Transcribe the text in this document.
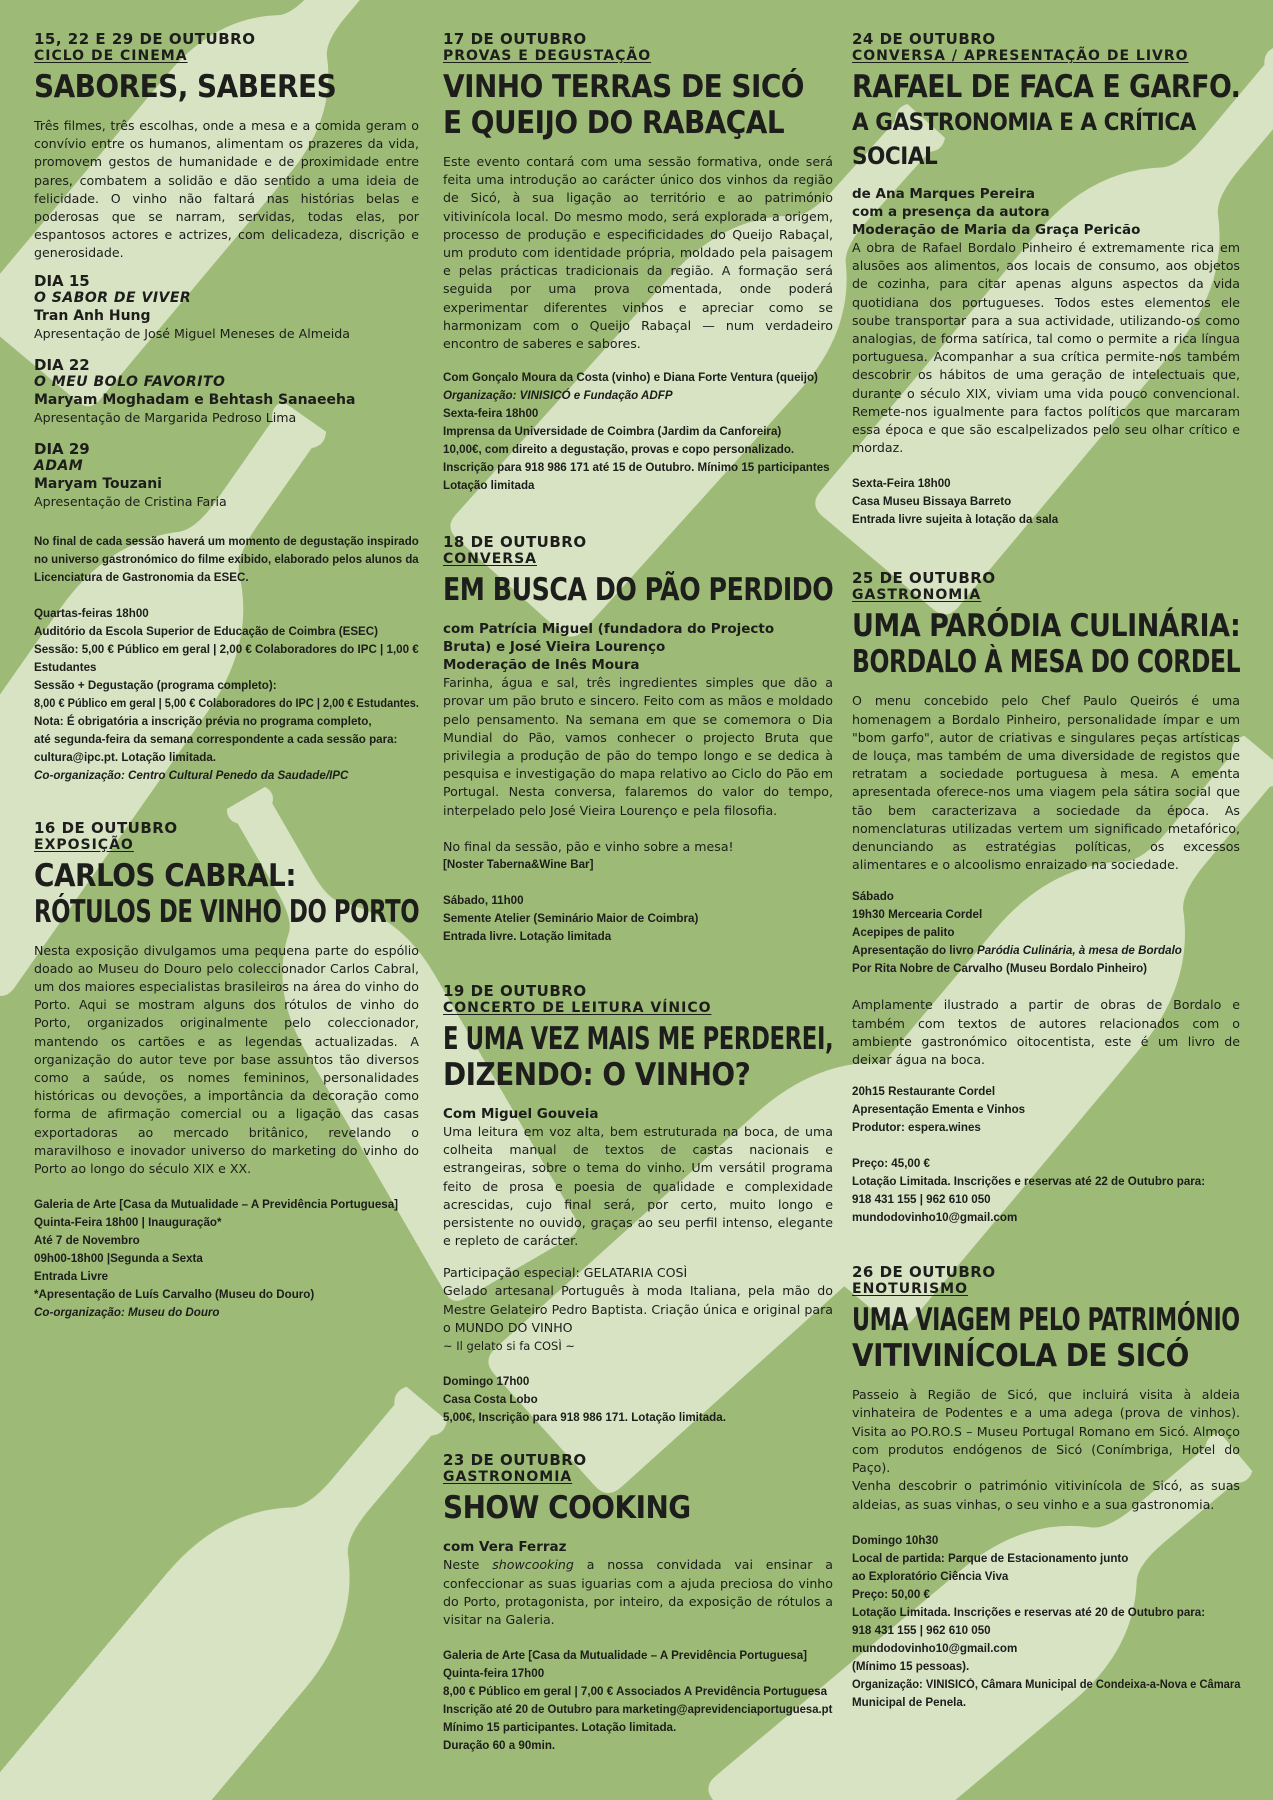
15, 22 E 29 DE OUTUBRO
CICLO DE CINEMA
SABORES, SABERES
Três filmes, três escolhas, onde a mesa e a comida geram o convívio entre os humanos, alimentam os prazeres da vida, promovem gestos de humanidade e de proximidade entre pares, combatem a solidão e dão sentido a uma ideia de felicidade. O vinho não faltará nas histórias belas e poderosas que se narram, servidas, todas elas, por espantosos actores e actrizes, com delicadeza, discrição e generosidade.
DIA 15
O SABOR DE VIVER
Tran Anh Hung
Apresentação de José Miguel Meneses de Almeida
DIA 22
O MEU BOLO FAVORITO
Maryam Moghadam e Behtash Sanaeeha
Apresentação de Margarida Pedroso Lima
DIA 29
ADAM
Maryam Touzani
Apresentação de Cristina Faria
No final de cada sessão haverá um momento de degustação inspirado
no universo gastronómico do filme exibido, elaborado pelos alunos da
Licenciatura de Gastronomia da ESEC.
Quartas-feiras 18h00
Auditório da Escola Superior de Educação de Coimbra (ESEC)
Sessão: 5,00 € Público em geral | 2,00 € Colaboradores do IPC | 1,00 €
Estudantes
Sessão + Degustação (programa completo):
8,00 € Público em geral | 5,00 € Colaboradores do IPC | 2,00 € Estudantes.
Nota: É obrigatória a inscrição prévia no programa completo,
até segunda-feira da semana correspondente a cada sessão para:
cultura@ipc.pt. Lotação limitada.
Co-organização: Centro Cultural Penedo da Saudade/IPC
16 DE OUTUBRO
EXPOSIÇÃO
CARLOS CABRAL:
RÓTULOS DE VINHO DO PORTO
Nesta exposição divulgamos uma pequena parte do espólio doado ao Museu do Douro pelo coleccionador Carlos Cabral, um dos maiores especialistas brasileiros na área do vinho do Porto. Aqui se mostram alguns dos rótulos de vinho do Porto, organizados originalmente pelo coleccionador, mantendo os cartões e as legendas actualizadas. A organização do autor teve por base assuntos tão diversos como a saúde, os nomes femininos, personalidades históricas ou devoções, a importância da decoração como forma de afirmação comercial ou a ligação das casas exportadoras ao mercado britânico, revelando o maravilhoso e inovador universo do marketing do vinho do Porto ao longo do século XIX e XX.
Galeria de Arte [Casa da Mutualidade – A Previdência Portuguesa]
Quinta-Feira 18h00 | Inauguração*
Até 7 de Novembro
09h00-18h00 |Segunda a Sexta
Entrada Livre
*Apresentação de Luís Carvalho (Museu do Douro)
Co-organização: Museu do Douro
17 DE OUTUBRO
PROVAS E DEGUSTAÇÃO
VINHO TERRAS DE SICÓ
E QUEIJO DO RABAÇAL
Este evento contará com uma sessão formativa, onde será feita uma introdução ao carácter único dos vinhos da região de Sicó, à sua ligação ao território e ao património vitivinícola local. Do mesmo modo, será explorada a origem, processo de produção e especificidades do Queijo Rabaçal, um produto com identidade própria, moldado pela paisagem e pelas prácticas tradicionais da região. A formação será seguida por uma prova comentada, onde poderá experimentar diferentes vinhos e apreciar como se harmonizam com o Queijo Rabaçal — num verdadeiro encontro de saberes e sabores.
Com Gonçalo Moura da Costa (vinho) e Diana Forte Ventura (queijo)
Organização: VINISICÓ e Fundação ADFP
Sexta-feira 18h00
Imprensa da Universidade de Coimbra (Jardim da Canforeira)
10,00€, com direito a degustação, provas e copo personalizado.
Inscrição para 918 986 171 até 15 de Outubro. Mínimo 15 participantes
Lotação limitada
18 DE OUTUBRO
CONVERSA
EM BUSCA DO PÃO PERDIDO
com Patrícia Miguel (fundadora do Projecto
Bruta) e José Vieira Lourenço
Moderação de Inês Moura
Farinha, água e sal, três ingredientes simples que dão a provar um pão bruto e sincero. Feito com as mãos e moldado pelo pensamento. Na semana em que se comemora o Dia Mundial do Pão, vamos conhecer o projecto Bruta que privilegia a produção de pão do tempo longo e se dedica à pesquisa e investigação do mapa relativo ao Ciclo do Pão em Portugal. Nesta conversa, falaremos do valor do tempo, interpelado pelo José Vieira Lourenço e pela filosofia.
No final da sessão, pão e vinho sobre a mesa!
[Noster Taberna&Wine Bar]
Sábado, 11h00
Semente Atelier (Seminário Maior de Coimbra)
Entrada livre. Lotação limitada
19 DE OUTUBRO
CONCERTO DE LEITURA VÍNICO
E UMA VEZ MAIS ME PERDEREI,
DIZENDO: O VINHO?
Com Miguel Gouveia
Uma leitura em voz alta, bem estruturada na boca, de uma colheita manual de textos de castas nacionais e estrangeiras, sobre o tema do vinho. Um versátil programa feito de prosa e poesia de qualidade e complexidade acrescidas, cujo final será, por certo, muito longo e persistente no ouvido, graças ao seu perfil intenso, elegante e repleto de carácter.
Participação especial: GELATARIA COSÌ
Gelado artesanal Português à moda Italiana, pela mão do Mestre Gelateiro Pedro Baptista. Criação única e original para o MUNDO DO VINHO
~ Il gelato si fa COSÌ ~
Domingo 17h00
Casa Costa Lobo
5,00€, Inscrição para 918 986 171. Lotação limitada.
23 DE OUTUBRO
GASTRONOMIA
SHOW COOKING
com Vera Ferraz
Neste showcooking a nossa convidada vai ensinar a confeccionar as suas iguarias com a ajuda preciosa do vinho do Porto, protagonista, por inteiro, da exposição de rótulos a visitar na Galeria.
Galeria de Arte [Casa da Mutualidade – A Previdência Portuguesa]
Quinta-feira 17h00
8,00 € Público em geral | 7,00 € Associados A Previdência Portuguesa
Inscrição até 20 de Outubro para marketing@aprevidenciaportuguesa.pt
Mínimo 15 participantes. Lotação limitada.
Duração 60 a 90min.
24 DE OUTUBRO
CONVERSA / APRESENTAÇÃO DE LIVRO
RAFAEL DE FACA E GARFO.
A GASTRONOMIA E A CRÍTICA SOCIAL
de Ana Marques Pereira
com a presença da autora
Moderação de Maria da Graça Pericão
A obra de Rafael Bordalo Pinheiro é extremamente rica em alusões aos alimentos, aos locais de consumo, aos objetos de cozinha, para citar apenas alguns aspectos da vida quotidiana dos portugueses. Todos estes elementos ele soube transportar para a sua actividade, utilizando-os como analogias, de forma satírica, tal como o permite a rica língua portuguesa. Acompanhar a sua crítica permite-nos também descobrir os hábitos de uma geração de intelectuais que, durante o século XIX, viviam uma vida pouco convencional. Remete-nos igualmente para factos políticos que marcaram essa época e que são escalpelizados pelo seu olhar crítico e mordaz.
Sexta-Feira 18h00
Casa Museu Bissaya Barreto
Entrada livre sujeita à lotação da sala
25 DE OUTUBRO
GASTRONOMIA
UMA PARÓDIA CULINÁRIA:
BORDALO À MESA DO CORDEL
O menu concebido pelo Chef Paulo Queirós é uma homenagem a Bordalo Pinheiro, personalidade ímpar e um "bom garfo", autor de criativas e singulares peças artísticas de louça, mas também de uma diversidade de registos que retratam a sociedade portuguesa à mesa. A ementa apresentada oferece-nos uma viagem pela sátira social que tão bem caracterizava a sociedade da época. As nomenclaturas utilizadas vertem um significado metafórico, denunciando as estratégias políticas, os excessos alimentares e o alcoolismo enraizado na sociedade.
Sábado
19h30 Mercearia Cordel
Acepipes de palito
Apresentação do livro Paródia Culinária, à mesa de Bordalo
Por Rita Nobre de Carvalho (Museu Bordalo Pinheiro)
Amplamente ilustrado a partir de obras de Bordalo e também com textos de autores relacionados com o ambiente gastronómico oitocentista, este é um livro de deixar água na boca.
20h15 Restaurante Cordel
Apresentação Ementa e Vinhos
Produtor: espera.wines
Preço: 45,00 €
Lotação Limitada. Inscrições e reservas até 22 de Outubro para:
918 431 155 | 962 610 050
mundodovinho10@gmail.com
26 DE OUTUBRO
ENOTURISMO
UMA VIAGEM PELO PATRIMÓNIO
VITIVINÍCOLA DE SICÓ
Passeio à Região de Sicó, que incluirá visita à aldeia vinhateira de Podentes e a uma adega (prova de vinhos). Visita ao PO.RO.S – Museu Portugal Romano em Sicó. Almoço com produtos endógenos de Sicó (Conímbriga, Hotel do Paço).
Venha descobrir o património vitivinícola de Sicó, as suas aldeias, as suas vinhas, o seu vinho e a sua gastronomia.
Domingo 10h30
Local de partida: Parque de Estacionamento junto
ao Exploratório Ciência Viva
Preço: 50,00 €
Lotação Limitada. Inscrições e reservas até 20 de Outubro para:
918 431 155 | 962 610 050
mundodovinho10@gmail.com
(Mínimo 15 pessoas).
Organização: VINISICÓ, Câmara Municipal de Condeixa-a-Nova e Câmara
Municipal de Penela.
